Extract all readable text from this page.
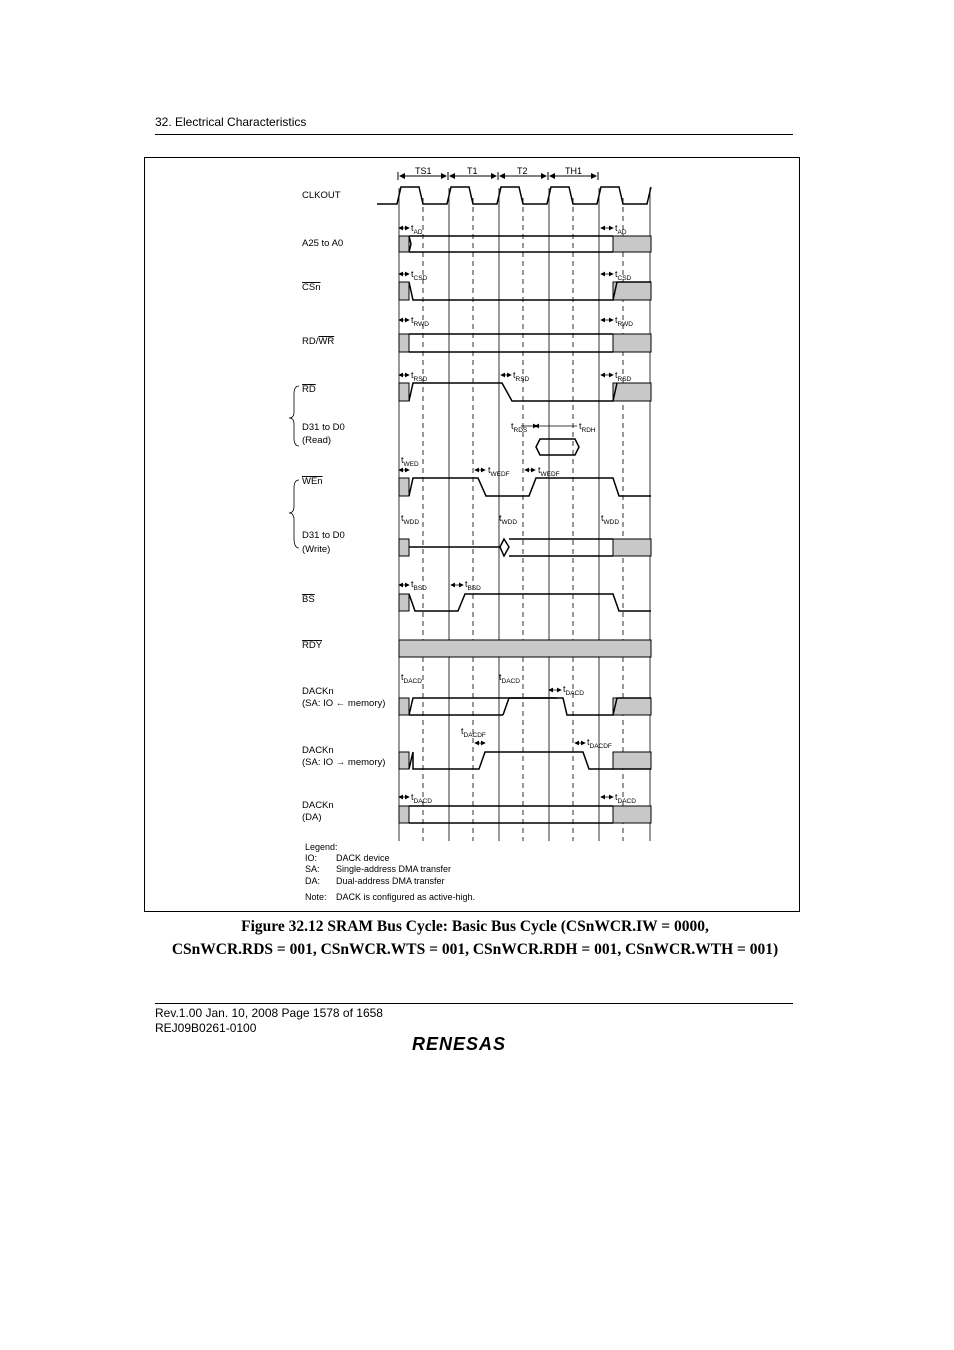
32. Electrical Characteristics
TS1	T1	T2	TH1
CLKOUT
A25 to A0
CSn
RD/WR
RD
D31 to D0
(Read)
WEn
D31 to D0
(Write)
BS
RDY
DACKn
(SA: IO ← memory)
DACKn
(SA: IO → memory)
DACKn
(DA)
$t_{AD}$	$t_{AD}$
$t_{CSD}$	$t_{CSD}$
$t_{RWD}$	$t_{RWD}$
$t_{RSD}$	$t_{RSD}$	$t_{RSD}$
$t_{RDS}$	$t_{RDH}$
$t_{WED}$
$t_{WEDF}$	$t_{WEDF}$
$t_{WDD}$	$t_{WDD}$	$t_{WDD}$
$t_{BSD}$	$t_{BSD}$
$t_{DACD}$	$t_{DACD}$
$t_{DACD}$
$t_{DACDF}$
$t_{DACDF}$
$t_{DACD}$	$t_{DACD}$
Legend:
IO: DACK device
SA: Single-address DMA transfer
DA: Dual-address DMA transfer
Note: DACK is configured as active-high.
Figure 32.12 SRAM Bus Cycle: Basic Bus Cycle (CSnWCR.IW = 0000,
CSnWCR.RDS = 001, CSnWCR.WTS = 001, CSnWCR.RDH = 001, CSnWCR.WTH = 001)
Rev.1.00 Jan. 10, 2008 Page 1578 of 1658
REJ09B0261-0100
RENESAS
